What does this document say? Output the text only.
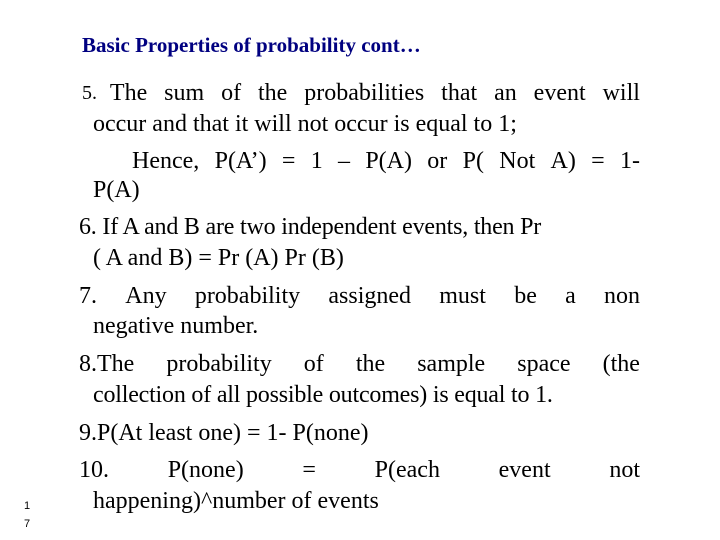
Basic Properties of probability cont…
5. The sum of the probabilities that an event will
occur and that it will not occur is equal to 1;
Hence, P(A’) = 1 – P(A) or P( Not A) = 1-
P(A)
6. If A and B are two independent events, then Pr
( A and B) = Pr (A) Pr (B)
7. Any probability assigned must be a non
negative number.
8.The probability of the sample space (the
collection of all possible outcomes) is equal to 1.
9.P(At least one) = 1- P(none)
10. P(none) = P(each event not
happening)^number of events
1
7
